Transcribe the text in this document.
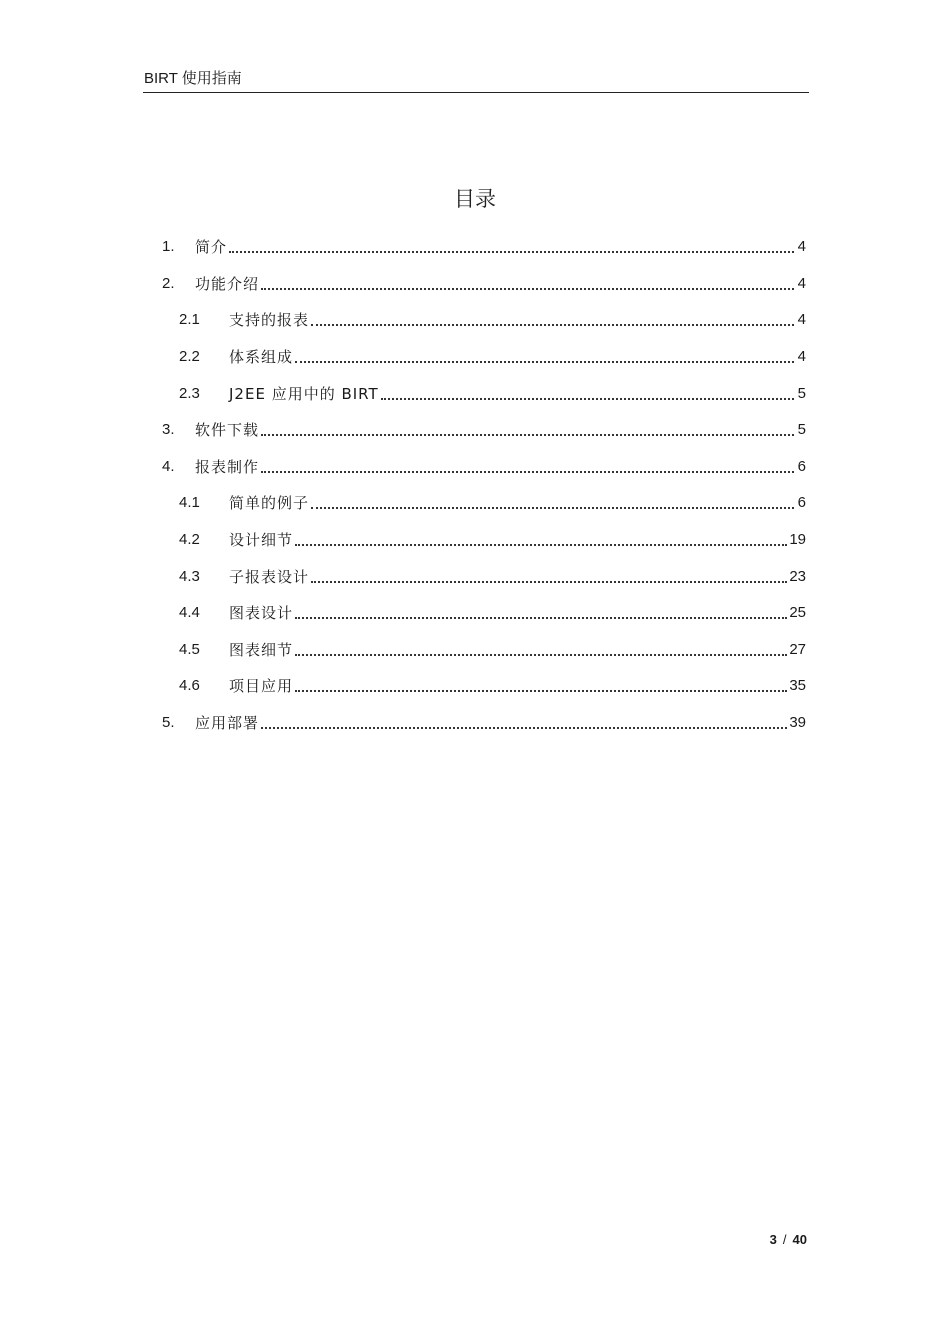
BIRT 使用指南
目录
1.	简介	4
2.	功能介绍	4
2.1	支持的报表	4
2.2	体系组成	4
2.3	J2EE 应用中的 BIRT	5
3.	软件下载	5
4.	报表制作	6
4.1	简单的例子	6
4.2	设计细节	19
4.3	子报表设计	23
4.4	图表设计	25
4.5	图表细节	27
4.6	项目应用	35
5.	应用部署	39
3 / 40
